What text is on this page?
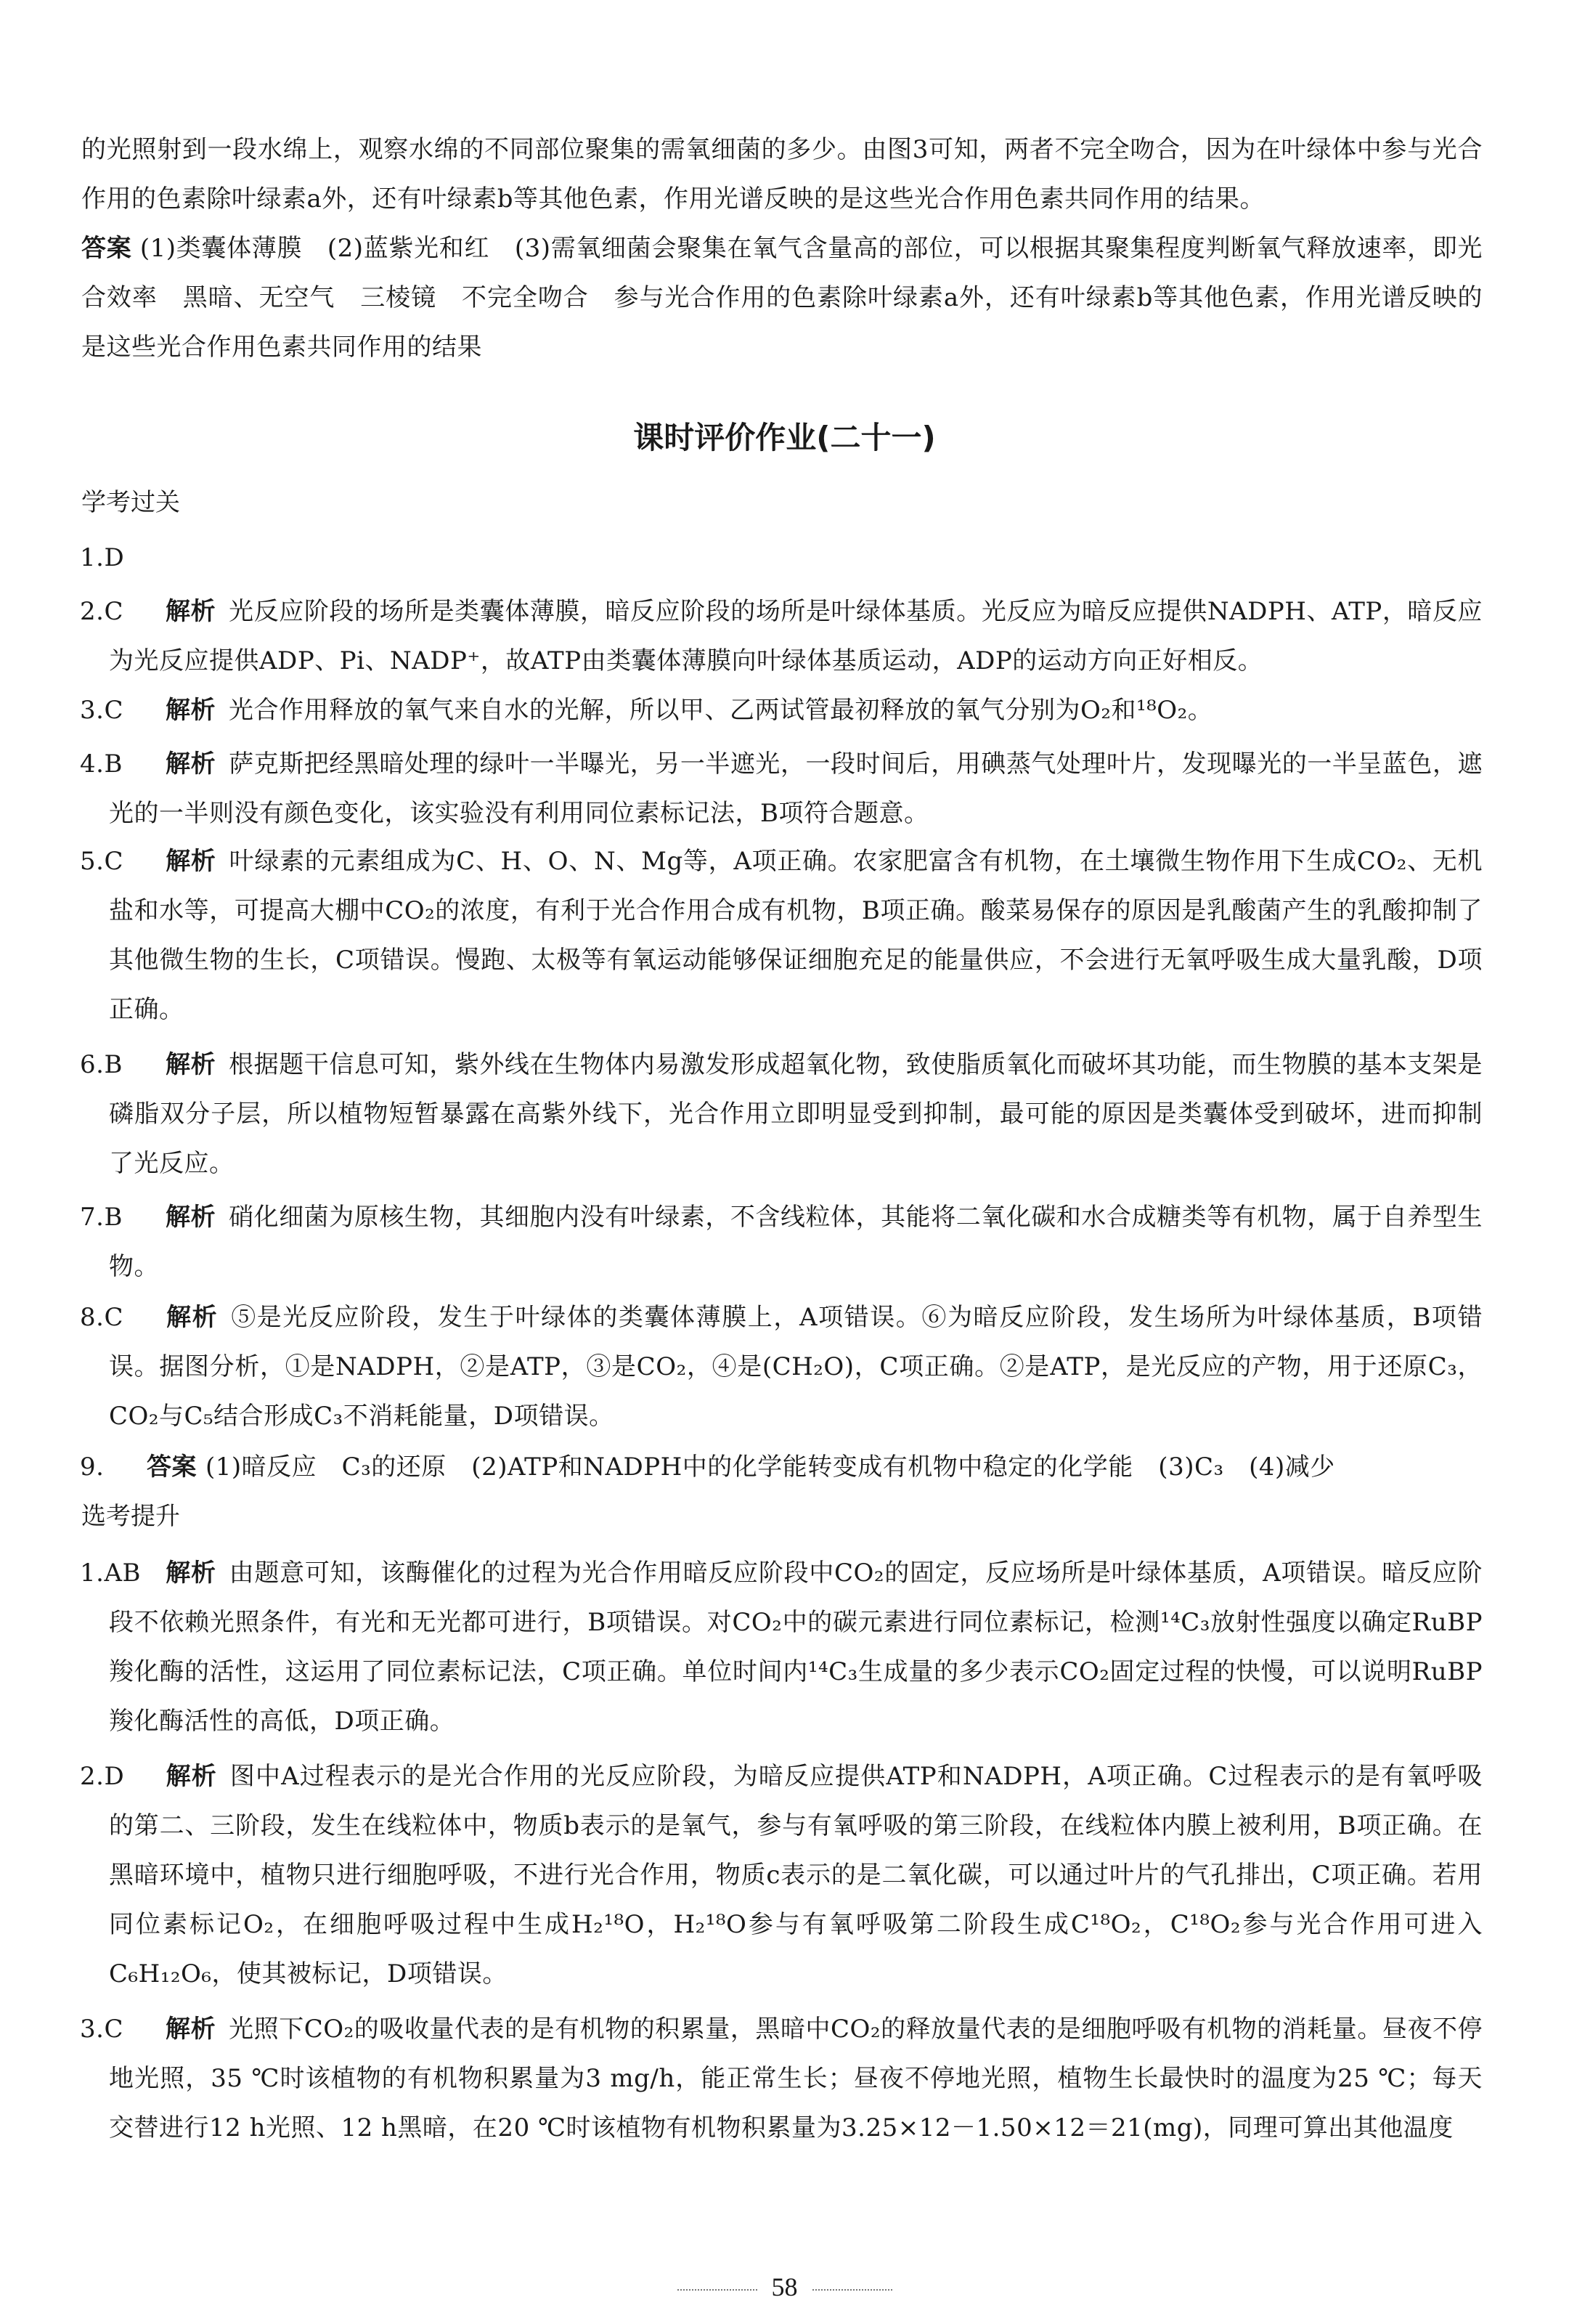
的光照射到一段水绵上，观察水绵的不同部位聚集的需氧细菌的多少。由图3可知，两者不完全吻合，因为在叶绿体中参与光合作用的色素除叶绿素a外，还有叶绿素b等其他色素，作用光谱反映的是这些光合作用色素共同作用的结果。
答案 (1)类囊体薄膜　(2)蓝紫光和红　(3)需氧细菌会聚集在氧气含量高的部位，可以根据其聚集程度判断氧气释放速率，即光合效率　黑暗、无空气　三棱镜　不完全吻合　参与光合作用的色素除叶绿素a外，还有叶绿素b等其他色素，作用光谱反映的是这些光合作用色素共同作用的结果
课时评价作业(二十一)
学考过关
1.D
2.C 解析 光反应阶段的场所是类囊体薄膜，暗反应阶段的场所是叶绿体基质。光反应为暗反应提供NADPH、ATP，暗反应为光反应提供ADP、Pi、NADP⁺，故ATP由类囊体薄膜向叶绿体基质运动，ADP的运动方向正好相反。
3.C 解析 光合作用释放的氧气来自水的光解，所以甲、乙两试管最初释放的氧气分别为O₂和¹⁸O₂。
4.B 解析 萨克斯把经黑暗处理的绿叶一半曝光，另一半遮光，一段时间后，用碘蒸气处理叶片，发现曝光的一半呈蓝色，遮光的一半则没有颜色变化，该实验没有利用同位素标记法，B项符合题意。
5.C 解析 叶绿素的元素组成为C、H、O、N、Mg等，A项正确。农家肥富含有机物，在土壤微生物作用下生成CO₂、无机盐和水等，可提高大棚中CO₂的浓度，有利于光合作用合成有机物，B项正确。酸菜易保存的原因是乳酸菌产生的乳酸抑制了其他微生物的生长，C项错误。慢跑、太极等有氧运动能够保证细胞充足的能量供应，不会进行无氧呼吸生成大量乳酸，D项正确。
6.B 解析 根据题干信息可知，紫外线在生物体内易激发形成超氧化物，致使脂质氧化而破坏其功能，而生物膜的基本支架是磷脂双分子层，所以植物短暂暴露在高紫外线下，光合作用立即明显受到抑制，最可能的原因是类囊体受到破坏，进而抑制了光反应。
7.B 解析 硝化细菌为原核生物，其细胞内没有叶绿素，不含线粒体，其能将二氧化碳和水合成糖类等有机物，属于自养型生物。
8.C 解析 ⑤是光反应阶段，发生于叶绿体的类囊体薄膜上，A项错误。⑥为暗反应阶段，发生场所为叶绿体基质，B项错误。据图分析，①是NADPH，②是ATP，③是CO₂，④是(CH₂O)，C项正确。②是ATP，是光反应的产物，用于还原C₃，CO₂与C₅结合形成C₃不消耗能量，D项错误。
9. 答案 (1)暗反应　C₃的还原　(2)ATP和NADPH中的化学能转变成有机物中稳定的化学能　(3)C₃　(4)减少
选考提升
1.AB 解析 由题意可知，该酶催化的过程为光合作用暗反应阶段中CO₂的固定，反应场所是叶绿体基质，A项错误。暗反应阶段不依赖光照条件，有光和无光都可进行，B项错误。对CO₂中的碳元素进行同位素标记，检测¹⁴C₃放射性强度以确定RuBP羧化酶的活性，这运用了同位素标记法，C项正确。单位时间内¹⁴C₃生成量的多少表示CO₂固定过程的快慢，可以说明RuBP羧化酶活性的高低，D项正确。
2.D 解析 图中A过程表示的是光合作用的光反应阶段，为暗反应提供ATP和NADPH，A项正确。C过程表示的是有氧呼吸的第二、三阶段，发生在线粒体中，物质b表示的是氧气，参与有氧呼吸的第三阶段，在线粒体内膜上被利用，B项正确。在黑暗环境中，植物只进行细胞呼吸，不进行光合作用，物质c表示的是二氧化碳，可以通过叶片的气孔排出，C项正确。若用同位素标记O₂，在细胞呼吸过程中生成H₂¹⁸O，H₂¹⁸O参与有氧呼吸第二阶段生成C¹⁸O₂，C¹⁸O₂参与光合作用可进入C₆H₁₂O₆，使其被标记，D项错误。
3.C 解析 光照下CO₂的吸收量代表的是有机物的积累量，黑暗中CO₂的释放量代表的是细胞呼吸有机物的消耗量。昼夜不停地光照，35 ℃时该植物的有机物积累量为3 mg/h，能正常生长；昼夜不停地光照，植物生长最快时的温度为25 ℃；每天交替进行12 h光照、12 h黑暗，在20 ℃时该植物有机物积累量为3.25×12－1.50×12＝21(mg)，同理可算出其他温度
58
